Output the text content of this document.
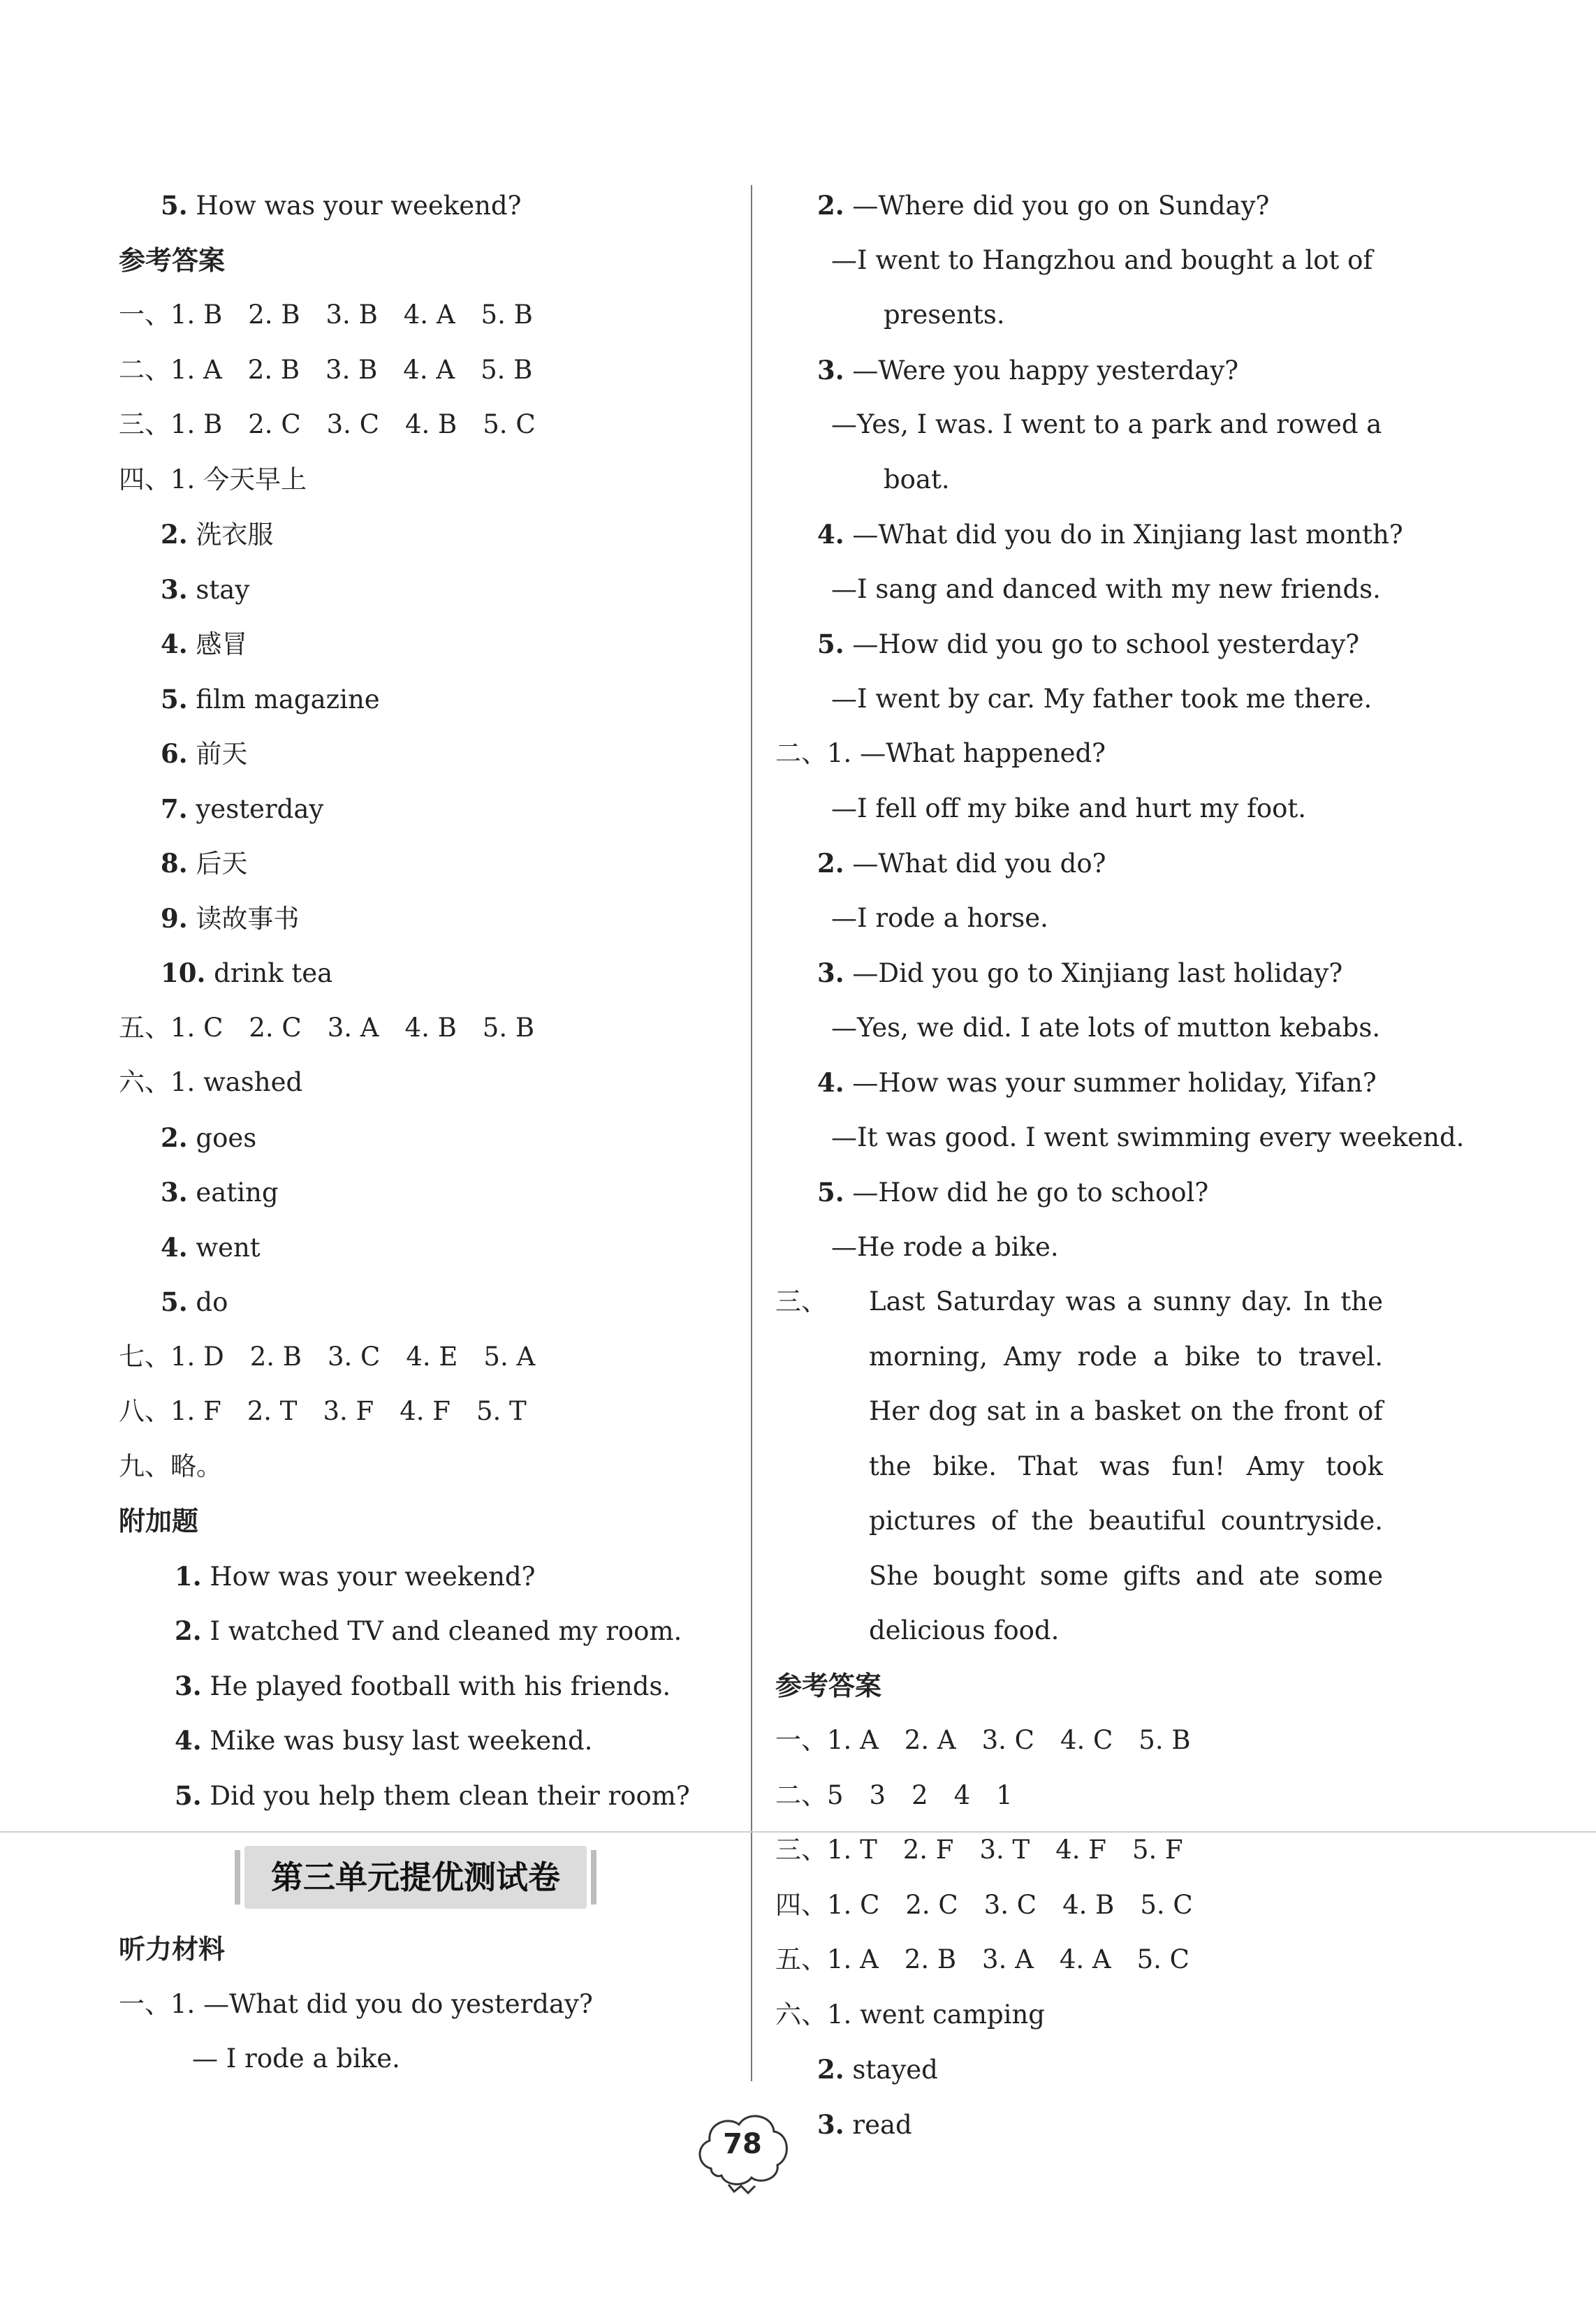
5. How was your weekend?
参考答案
一、1. B　2. B　3. B　4. A　5. B
二、1. A　2. B　3. B　4. A　5. B
三、1. B　2. C　3. C　4. B　5. C
四、1. 今天早上
2. 洗衣服
3. stay
4. 感冒
5. film magazine
6. 前天
7. yesterday
8. 后天
9. 读故事书
10. drink tea
五、1. C　2. C　3. A　4. B　5. B
六、1. washed
2. goes
3. eating
4. went
5. do
七、1. D　2. B　3. C　4. E　5. A
八、1. F　2. T　3. F　4. F　5. T
九、略。
附加题
1. How was your weekend?
2. I watched TV and cleaned my room.
3. He played football with his friends.
4. Mike was busy last weekend.
5. Did you help them clean their room?
听力材料
一、1. —What did you do yesterday?
— I rode a bike.
第三单元提优测试卷
2. —Where did you go on Sunday?
—I went to Hangzhou and bought a lot of
presents.
3. —Were you happy yesterday?
—Yes, I was. I went to a park and rowed a
boat.
4. —What did you do in Xinjiang last month?
—I sang and danced with my new friends.
5. —How did you go to school yesterday?
—I went by car. My father took me there.
二、1. —What happened?
—I fell off my bike and hurt my foot.
2. —What did you do?
—I rode a horse.
3. —Did you go to Xinjiang last holiday?
—Yes, we did. I ate lots of mutton kebabs.
4. —How was your summer holiday, Yifan?
—It was good. I went swimming every weekend.
5. —How did he go to school?
—He rode a bike.
三、	Last Saturday was a sunny day. In the morning, Amy rode a bike to travel. Her dog sat in a basket on the front of the bike. That was fun! Amy took pictures of the beautiful countryside. She bought some gifts and ate some delicious food.
参考答案
一、1. A　2. A　3. C　4. C　5. B
二、5　3　2　4　1
三、1. T　2. F　3. T　4. F　5. F
四、1. C　2. C　3. C　4. B　5. C
五、1. A　2. B　3. A　4. A　5. C
六、1. went camping
2. stayed
3. read
78
